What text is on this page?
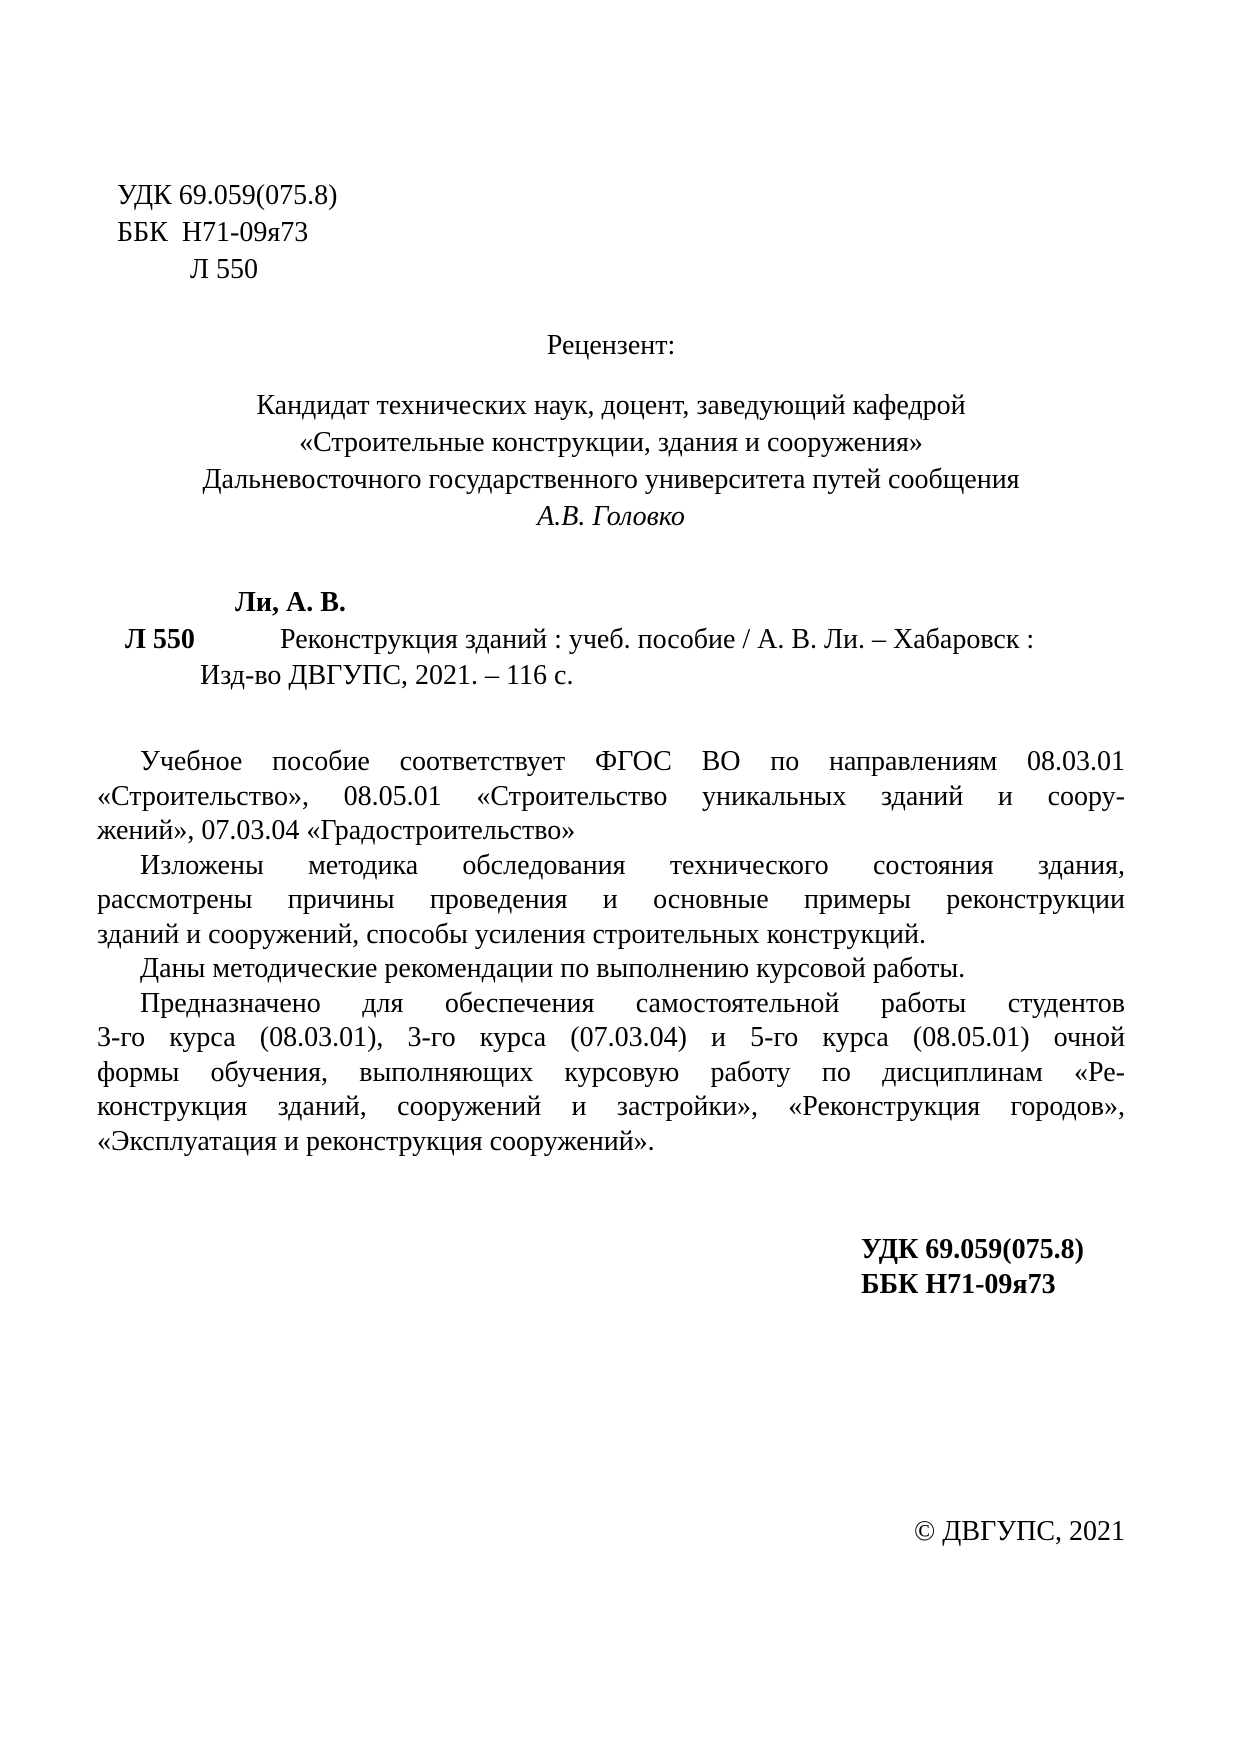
УДК 69.059(075.8)
ББК  Н71-09я73
Л 550
Рецензент:
Кандидат технических наук, доцент, заведующий кафедрой
«Строительные конструкции, здания и сооружения»
Дальневосточного государственного университета путей сообщения
А.В. Головко
Ли, А. В.
Л 550	Реконструкция зданий : учеб. пособие / А. В. Ли. – Хабаровск :
Изд-во ДВГУПС, 2021. – 116 с.
Учебное пособие соответствует ФГОС ВО по направлениям 08.03.01
«Строительство», 08.05.01 «Строительство уникальных зданий и соору-
жений», 07.03.04 «Градостроительство»
Изложены методика обследования технического состояния здания,
рассмотрены причины проведения и основные примеры реконструкции
зданий и сооружений, способы усиления строительных конструкций.
Даны методические рекомендации по выполнению курсовой работы.
Предназначено для обеспечения самостоятельной работы студентов
3-го курса (08.03.01), 3-го курса (07.03.04) и 5-го курса (08.05.01) очной
формы обучения, выполняющих курсовую работу по дисциплинам «Ре-
конструкция зданий, сооружений и застройки», «Реконструкция городов»,
«Эксплуатация и реконструкция сооружений».
УДК 69.059(075.8)
ББК Н71-09я73
© ДВГУПС, 2021
